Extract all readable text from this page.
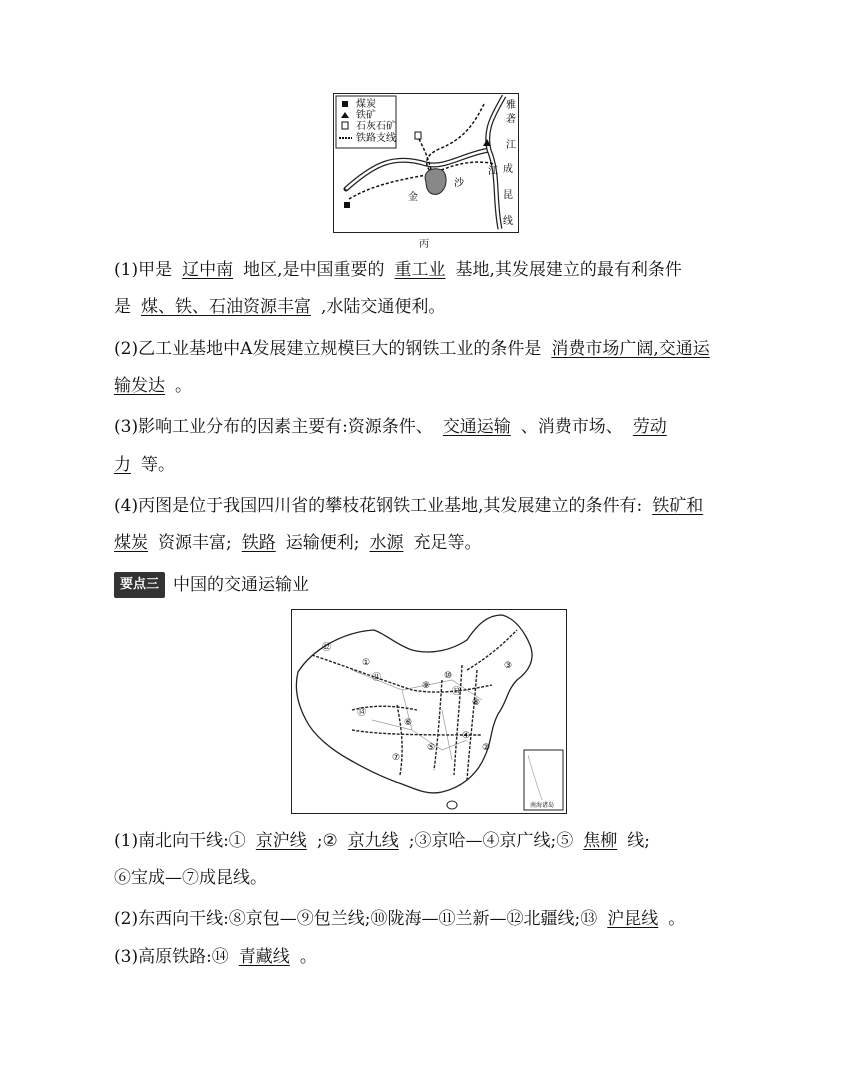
煤炭
铁矿
石灰石矿
铁路支线
雅
砻
江
成
沙
江
昆
线
金
丙
(1)甲是 辽中南 地区,是中国重要的 重工业 基地,其发展建立的最有利条件
是 煤、铁、石油资源丰富 ,水陆交通便利。
(2)乙工业基地中A发展建立规模巨大的钢铁工业的条件是 消费市场广阔,交通运
输发达 。
(3)影响工业分布的因素主要有:资源条件、 交通运输 、消费市场、 劳动
力 等。
(4)丙图是位于我国四川省的攀枝花钢铁工业基地,其发展建立的条件有: 铁矿和
煤炭 资源丰富; 铁路 运输便利; 水源 充足等。
要点三 中国的交通运输业
南海诸岛
⑫
①
⑪
⑨
⑩
⑬
③
⑧
⑭
④
⑤
⑥
⑦
②
(1)南北向干线:① 京沪线 ;② 京九线 ;③京哈—④京广线;⑤ 焦柳 线;
⑥宝成—⑦成昆线。
(2)东西向干线:⑧京包—⑨包兰线;⑩陇海—⑪兰新—⑫北疆线;⑬ 沪昆线 。
(3)高原铁路:⑭ 青藏线 。
